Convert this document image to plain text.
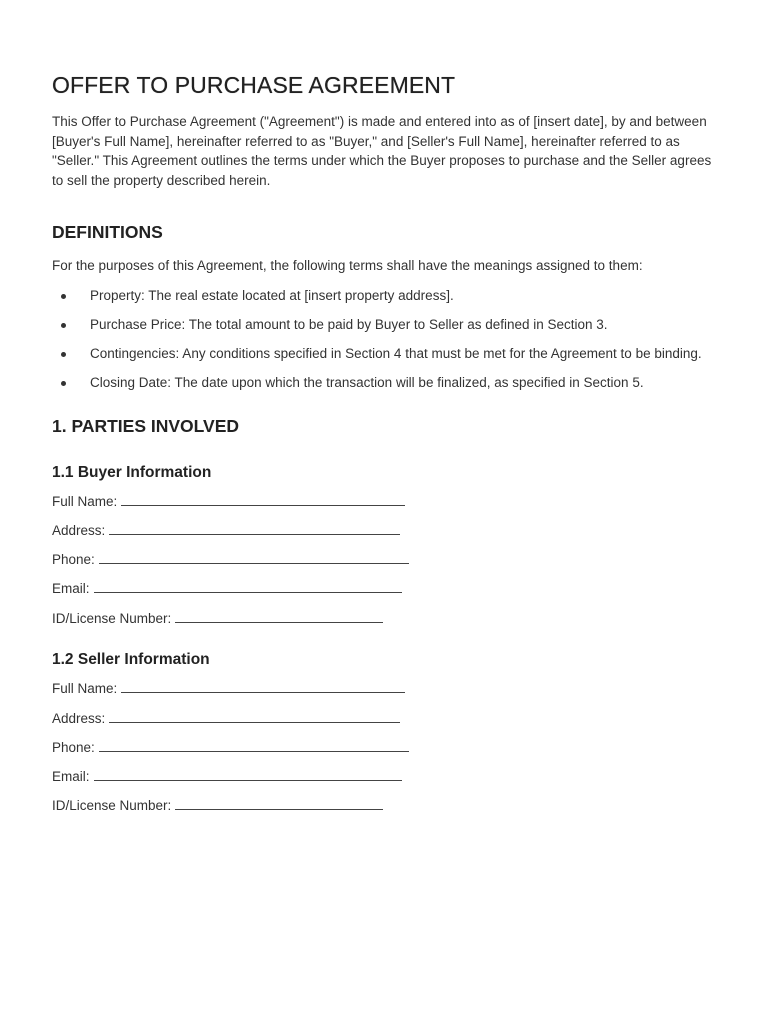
OFFER TO PURCHASE AGREEMENT

This Offer to Purchase Agreement ("Agreement") is made and entered into as of [insert date], by and between [Buyer's Full Name], hereinafter referred to as "Buyer," and [Seller's Full Name], hereinafter referred to as "Seller." This Agreement outlines the terms under which the Buyer proposes to purchase and the Seller agrees to sell the property described herein.

DEFINITIONS

For the purposes of this Agreement, the following terms shall have the meanings assigned to them:

Property: The real estate located at [insert property address].
Purchase Price: The total amount to be paid by Buyer to Seller as defined in Section 3.
Contingencies: Any conditions specified in Section 4 that must be met for the Agreement to be binding.
Closing Date: The date upon which the transaction will be finalized, as specified in Section 5.
1. PARTIES INVOLVED
1.1 Buyer Information
Full Name:
Address:
Phone:
Email:
ID/License Number:
1.2 Seller Information
Full Name:
Address:
Phone:
Email:
ID/License Number:
